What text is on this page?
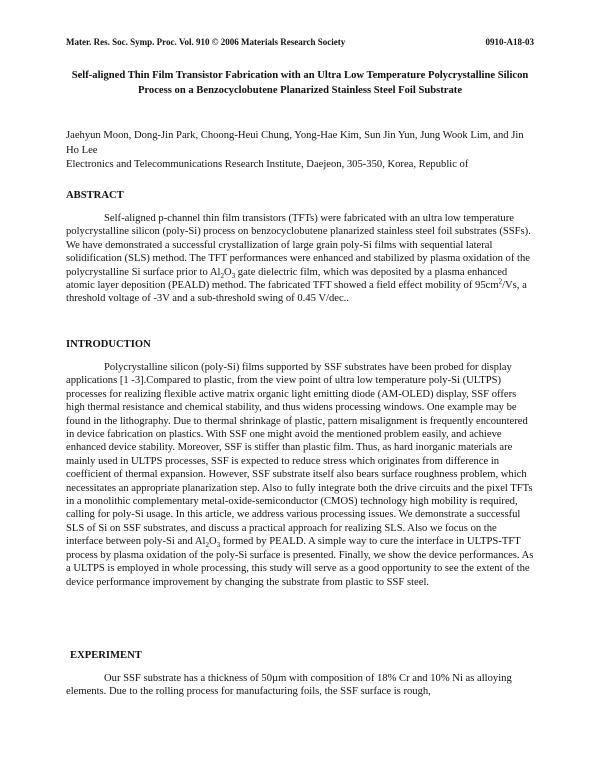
Mater. Res. Soc. Symp. Proc. Vol. 910 © 2006 Materials Research Society	0910-A18-03
Self-aligned Thin Film Transistor Fabrication with an Ultra Low Temperature Polycrystalline Silicon Process on a Benzocyclobutene Planarized Stainless Steel Foil Substrate
Jaehyun Moon, Dong-Jin Park, Choong-Heui Chung, Yong-Hae Kim, Sun Jin Yun, Jung Wook Lim, and Jin Ho Lee
Electronics and Telecommunications Research Institute, Daejeon, 305-350, Korea, Republic of
ABSTRACT
Self-aligned p-channel thin film transistors (TFTs) were fabricated with an ultra low temperature polycrystalline silicon (poly-Si) process on benzocyclobutene planarized stainless steel foil substrates (SSFs). We have demonstrated a successful crystallization of large grain poly-Si films with sequential lateral solidification (SLS) method. The TFT performances were enhanced and stabilized by plasma oxidation of the polycrystalline Si surface prior to $Al_2O_3$ gate dielectric film, which was deposited by a plasma enhanced atomic layer deposition (PEALD) method. The fabricated TFT showed a field effect mobility of $95cm^2/Vs$, a threshold voltage of -3V and a sub-threshold swing of 0.45 V/dec..
INTRODUCTION
Polycrystalline silicon (poly-Si) films supported by SSF substrates have been probed for display applications [1 -3].Compared to plastic, from the view point of ultra low temperature poly-Si (ULTPS) processes for realizing flexible active matrix organic light emitting diode (AM-OLED) display, SSF offers high thermal resistance and chemical stability, and thus widens processing windows. One example may be found in the lithography. Due to thermal shrinkage of plastic, pattern misalignment is frequently encountered in device fabrication on plastics. With SSF one might avoid the mentioned problem easily, and achieve enhanced device stability. Moreover, SSF is stiffer than plastic film. Thus, as hard inorganic materials are mainly used in ULTPS processes, SSF is expected to reduce stress which originates from difference in coefficient of thermal expansion. However, SSF substrate itself also bears surface roughness problem, which necessitates an appropriate planarization step. Also to fully integrate both the drive circuits and the pixel TFTs in a monolithic complementary metal-oxide-semiconductor (CMOS) technology high mobility is required, calling for poly-Si usage. In this article, we address various processing issues. We demonstrate a successful SLS of Si on SSF substrates, and discuss a practical approach for realizing SLS. Also we focus on the interface between poly-Si and $Al_2O_3$ formed by PEALD. A simple way to cure the interface in ULTPS-TFT process by plasma oxidation of the poly-Si surface is presented. Finally, we show the device performances. As a ULTPS is employed in whole processing, this study will serve as a good opportunity to see the extent of the device performance improvement by changing the substrate from plastic to SSF steel.
EXPERIMENT
Our SSF substrate has a thickness of 50µm with composition of 18% Cr and 10% Ni as alloying elements. Due to the rolling process for manufacturing foils, the SSF surface is rough,
